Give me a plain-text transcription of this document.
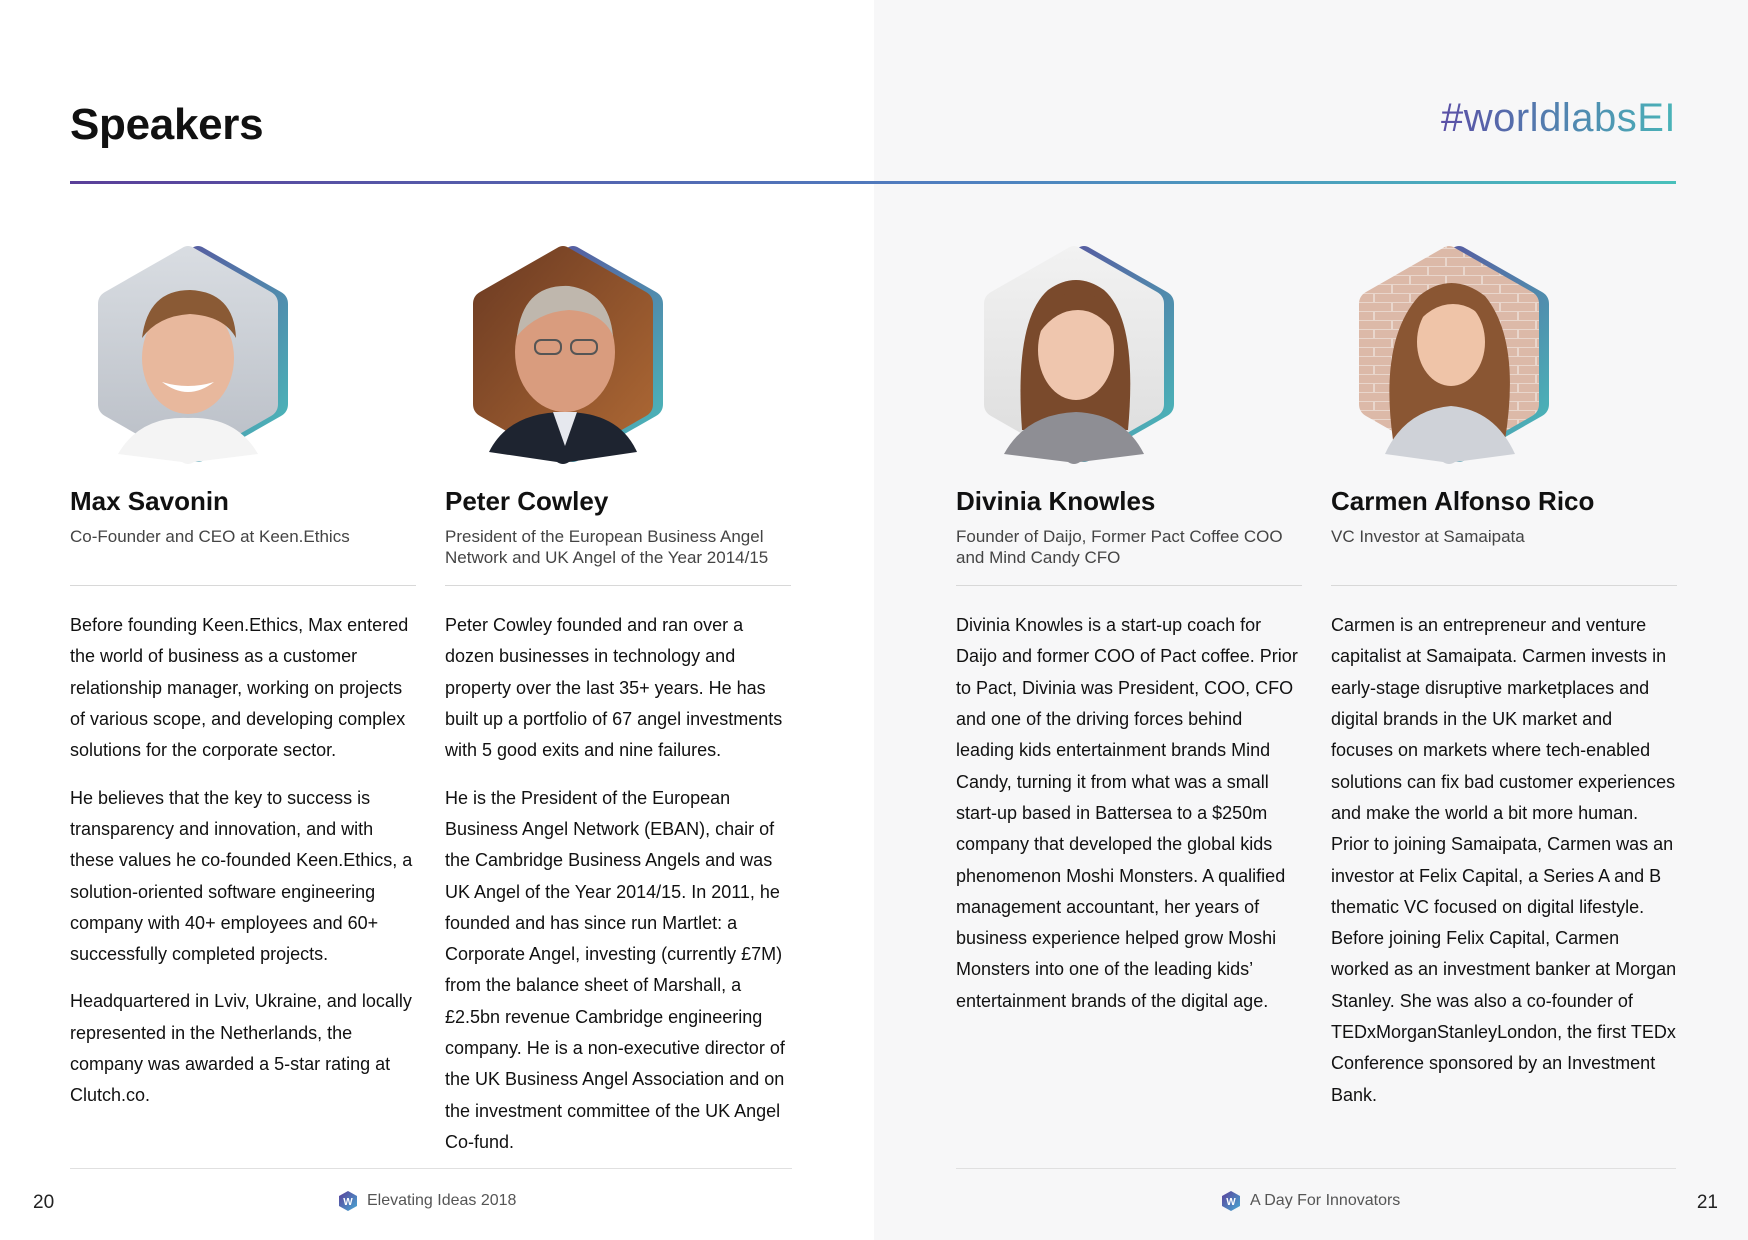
Speakers	#worldlabsEI
Max Savonin
Co-Founder and CEO at Keen.Ethics

Before founding Keen.Ethics, Max entered the world of business as a customer relationship manager, working on projects of various scope, and developing complex solutions for the corporate sector.

He believes that the key to success is transparency and innovation, and with these values he co-founded Keen.Ethics, a solution-oriented software engineering company with 40+ employees and 60+ successfully completed projects.

Headquartered in Lviv, Ukraine, and locally represented in the Netherlands, the company was awarded a 5-star rating at Clutch.co.

Peter Cowley
President of the European Business Angel Network and UK Angel of the Year 2014/15

Peter Cowley founded and ran over a dozen businesses in technology and property over the last 35+ years. He has built up a portfolio of 67 angel investments with 5 good exits and nine failures.

He is the President of the European Business Angel Network (EBAN), chair of the Cambridge Business Angels and was UK Angel of the Year 2014/15. In 2011, he founded and has since run Martlet: a Corporate Angel, investing (currently £7M) from the balance sheet of Marshall, a £2.5bn revenue Cambridge engineering company. He is a non-executive director of the UK Business Angel Association and on the investment committee of the UK Angel Co-fund.

Divinia Knowles
Founder of Daijo, Former Pact Coffee COO and Mind Candy CFO

Divinia Knowles is a start-up coach for Daijo and former COO of Pact coffee. Prior to Pact, Divinia was President, COO, CFO and one of the driving forces behind leading kids entertainment brands Mind Candy, turning it from what was a small start-up based in Battersea to a $250m company that developed the global kids phenomenon Moshi Monsters. A qualified management accountant, her years of business experience helped grow Moshi Monsters into one of the leading kids’ entertainment brands of the digital age.

Carmen Alfonso Rico
VC Investor at Samaipata

Carmen is an entrepreneur and venture capitalist at Samaipata. Carmen invests in early-stage disruptive marketplaces and digital brands in the UK market and focuses on markets where tech-enabled solutions can fix bad customer experiences and make the world a bit more human. Prior to joining Samaipata, Carmen was an investor at Felix Capital, a Series A and B thematic VC focused on digital lifestyle. Before joining Felix Capital, Carmen worked as an investment banker at Morgan Stanley. She was also a co-founder of TEDxMorganStanleyLondon, the first TEDx Conference sponsored by an Investment Bank.

20	21
W Elevating Ideas 2018	W A Day For Innovators
